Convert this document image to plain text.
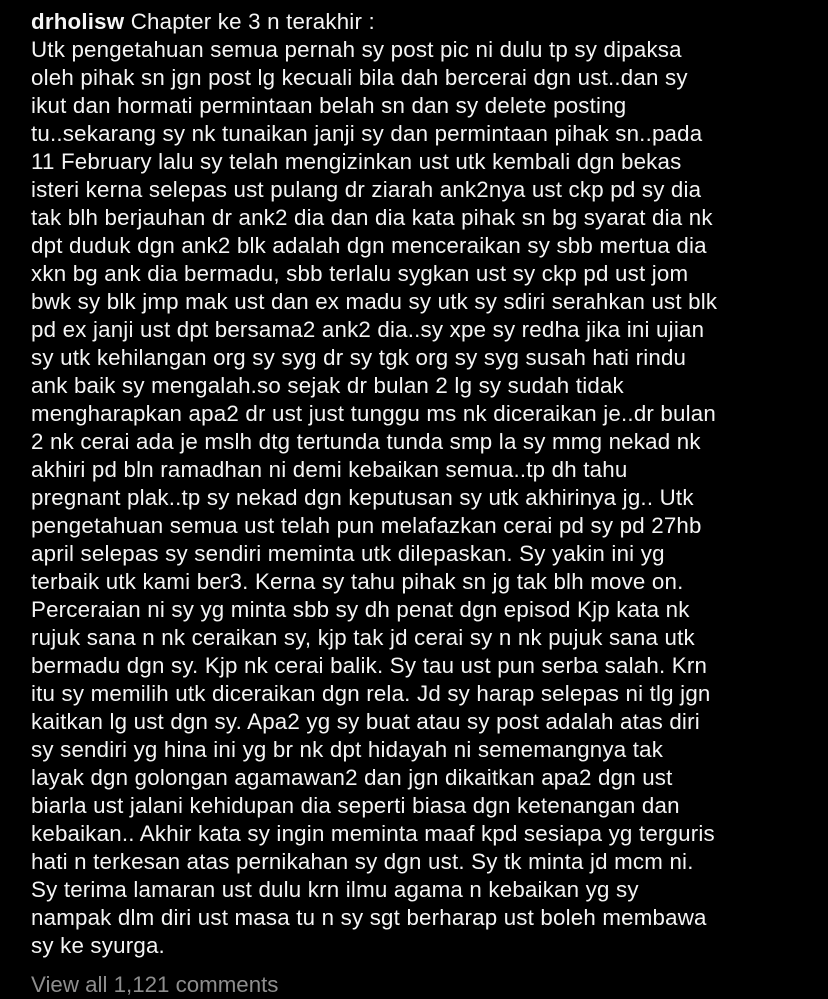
drholisw Chapter ke 3 n terakhir :
Utk pengetahuan semua pernah sy post pic ni dulu tp sy dipaksa
oleh pihak sn jgn post lg kecuali bila dah bercerai dgn ust..dan sy
ikut dan hormati permintaan belah sn dan sy delete posting
tu..sekarang sy nk tunaikan janji sy dan permintaan pihak sn..pada
11 February lalu sy telah mengizinkan ust utk kembali dgn bekas
isteri kerna selepas ust pulang dr ziarah ank2nya ust ckp pd sy dia
tak blh berjauhan dr ank2 dia dan dia kata pihak sn bg syarat dia nk
dpt duduk dgn ank2 blk adalah dgn menceraikan sy sbb mertua dia
xkn bg ank dia bermadu, sbb terlalu sygkan ust sy ckp pd ust jom
bwk sy blk jmp mak ust dan ex madu sy utk sy sdiri serahkan ust blk
pd ex janji ust dpt bersama2 ank2 dia..sy xpe sy redha jika ini ujian
sy utk kehilangan org sy syg dr sy tgk org sy syg susah hati rindu
ank baik sy mengalah.so sejak dr bulan 2 lg sy sudah tidak
mengharapkan apa2 dr ust just tunggu ms nk diceraikan je..dr bulan
2 nk cerai ada je mslh dtg tertunda tunda smp la sy mmg nekad nk
akhiri pd bln ramadhan ni demi kebaikan semua..tp dh tahu
pregnant plak..tp sy nekad dgn keputusan sy utk akhirinya jg.. Utk
pengetahuan semua ust telah pun melafazkan cerai pd sy pd 27hb
april selepas sy sendiri meminta utk dilepaskan. Sy yakin ini yg
terbaik utk kami ber3. Kerna sy tahu pihak sn jg tak blh move on.
Perceraian ni sy yg minta sbb sy dh penat dgn episod Kjp kata nk
rujuk sana n nk ceraikan sy, kjp tak jd cerai sy n nk pujuk sana utk
bermadu dgn sy. Kjp nk cerai balik. Sy tau ust pun serba salah. Krn
itu sy memilih utk diceraikan dgn rela. Jd sy harap selepas ni tlg jgn
kaitkan lg ust dgn sy. Apa2 yg sy buat atau sy post adalah atas diri
sy sendiri yg hina ini yg br nk dpt hidayah ni sememangnya tak
layak dgn golongan agamawan2 dan jgn dikaitkan apa2 dgn ust
biarla ust jalani kehidupan dia seperti biasa dgn ketenangan dan
kebaikan.. Akhir kata sy ingin meminta maaf kpd sesiapa yg terguris
hati n terkesan atas pernikahan sy dgn ust. Sy tk minta jd mcm ni.
Sy terima lamaran ust dulu krn ilmu agama n kebaikan yg sy
nampak dlm diri ust masa tu n sy sgt berharap ust boleh membawa
sy ke syurga.
View all 1,121 comments
